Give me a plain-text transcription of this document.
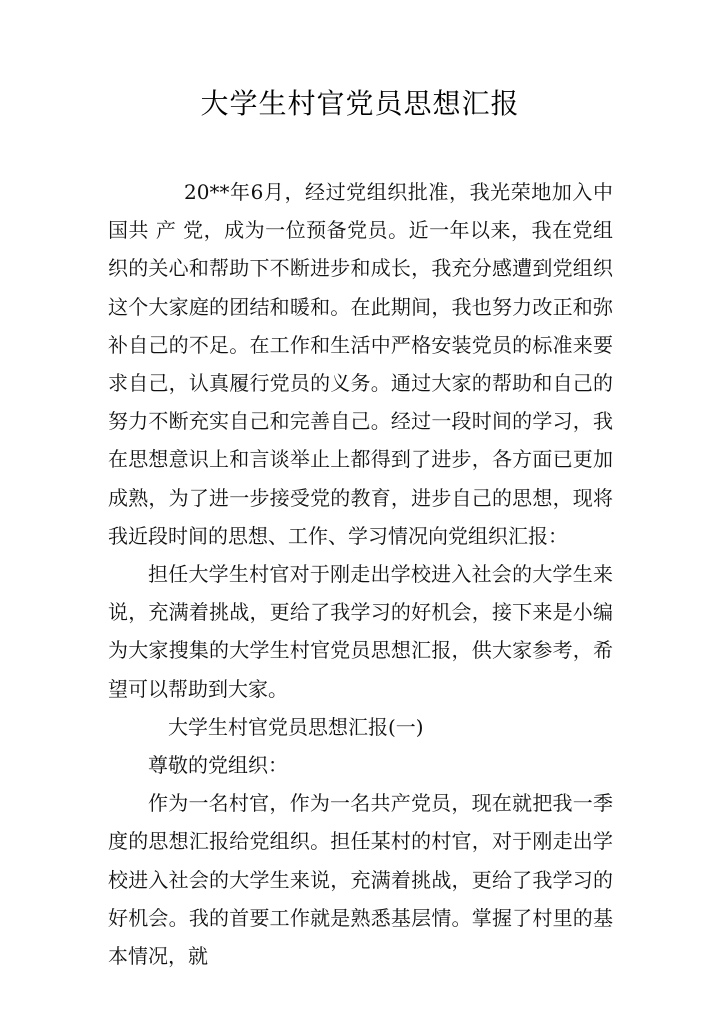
大学生村官党员思想汇报

20**年6月，经过党组织批准，我光荣地加入中国共 产 党，成为一位预备党员。近一年以来，我在党组织的关心和帮助下不断进步和成长，我充分感遭到党组织这个大家庭的团结和暖和。在此期间，我也努力改正和弥补自己的不足。在工作和生活中严格安装党员的标准来要求自己，认真履行党员的义务。通过大家的帮助和自己的努力不断充实自己和完善自己。经过一段时间的学习，我在思想意识上和言谈举止上都得到了进步，各方面已更加成熟，为了进一步接受党的教育，进步自己的思想，现将我近段时间的思想、工作、学习情况向党组织汇报：

担任大学生村官对于刚走出学校进入社会的大学生来说，充满着挑战，更给了我学习的好机会，接下来是小编为大家搜集的大学生村官党员思想汇报，供大家参考，希望可以帮助到大家。

大学生村官党员思想汇报(一)

尊敬的党组织：

作为一名村官，作为一名共产党员，现在就把我一季度的思想汇报给党组织。担任某村的村官，对于刚走出学校进入社会的大学生来说，充满着挑战，更给了我学习的好机会。我的首要工作就是熟悉基层情。掌握了村里的基本情况，就
